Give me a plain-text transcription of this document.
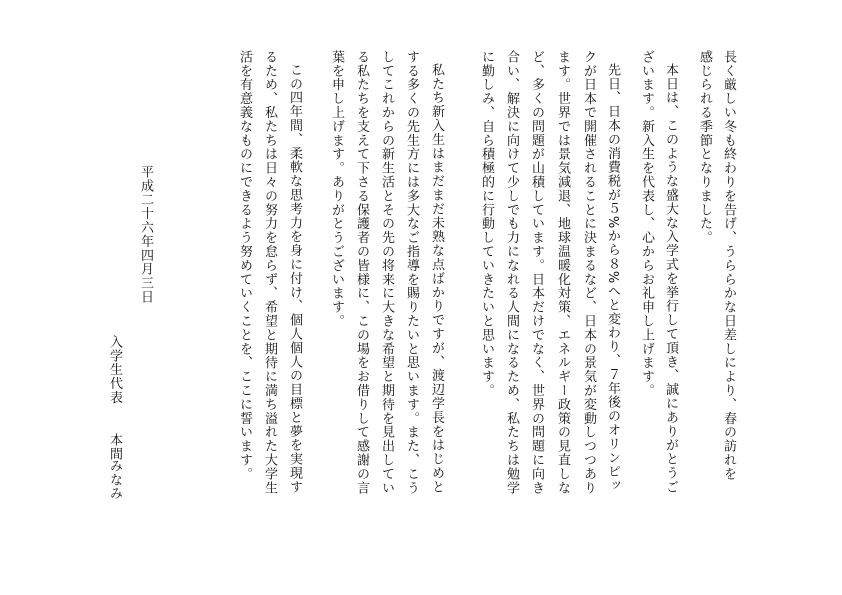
長く厳しい冬も終わりを告げ、うららかな日差しにより、春の訪れを

感じられる季節となりました。

本日は、このような盛大な入学式を挙行して頂き、誠にありがとうご

ざいます。新入生を代表し、心からお礼申し上げます。

先日、日本の消費税が５%から８%へと変わり、７年後のオリンピッ

クが日本で開催されることに決まるなど、日本の景気が変動しつつあり

ます。世界では景気減退、地球温暖化対策、エネルギー政策の見直しな

ど、多くの問題が山積しています。日本だけでなく、世界の問題に向き

合い、解決に向けて少しでも力になれる人間になるため、私たちは勉学

に勤しみ、自ら積極的に行動していきたいと思います。

私たち新入生はまだまだ未熟な点ばかりですが、渡辺学長をはじめと

する多くの先生方には多大なご指導を賜りたいと思います。また、こう

してこれからの新生活とその先の将来に大きな希望と期待を見出してい

る私たちを支えて下さる保護者の皆様に、この場をお借りして感謝の言

葉を申し上げます。ありがとうございます。

この四年間、柔軟な思考力を身に付け、個人個人の目標と夢を実現す

るため、私たちは日々の努力を怠らず、希望と期待に満ち溢れた大学生

活を有意義なものにできるよう努めていくことを、ここに誓います。

平成二十六年四月三日

入学生代表

本間

みなみ
